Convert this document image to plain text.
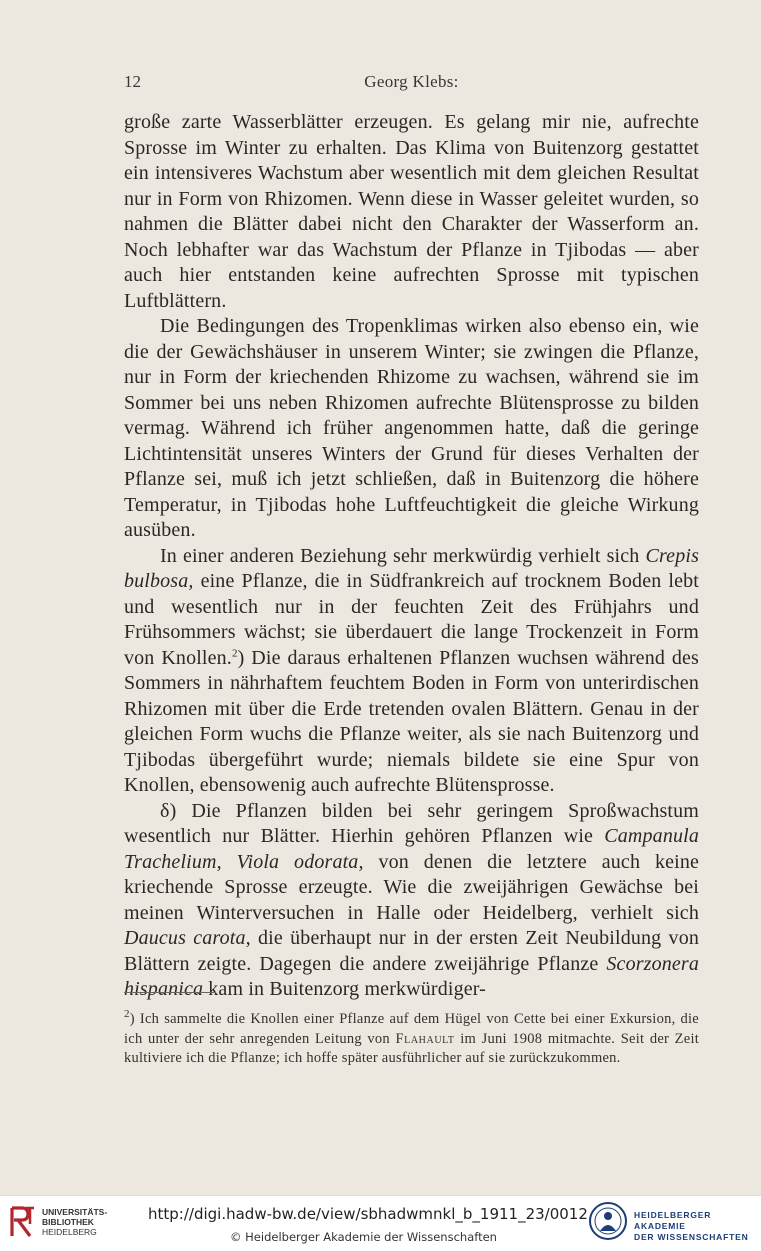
12	Georg Klebs:

große zarte Wasserblätter erzeugen. Es gelang mir nie, aufrechte Sprosse im Winter zu erhalten. Das Klima von Buitenzorg gestattet ein intensiveres Wachstum aber wesentlich mit dem gleichen Resultat nur in Form von Rhizomen. Wenn diese in Wasser geleitet wurden, so nahmen die Blätter dabei nicht den Charakter der Wasserform an. Noch lebhafter war das Wachstum der Pflanze in Tjibodas — aber auch hier entstanden keine aufrechten Sprosse mit typischen Luftblättern.

Die Bedingungen des Tropenklimas wirken also ebenso ein, wie die der Gewächshäuser in unserem Winter; sie zwingen die Pflanze, nur in Form der kriechenden Rhizome zu wachsen, während sie im Sommer bei uns neben Rhizomen aufrechte Blütensprosse zu bilden vermag. Während ich früher angenommen hatte, daß die geringe Lichtintensität unseres Winters der Grund für dieses Verhalten der Pflanze sei, muß ich jetzt schließen, daß in Buitenzorg die höhere Temperatur, in Tjibodas hohe Luftfeuchtigkeit die gleiche Wirkung ausüben.

In einer anderen Beziehung sehr merkwürdig verhielt sich Crepis bulbosa, eine Pflanze, die in Südfrankreich auf trocknem Boden lebt und wesentlich nur in der feuchten Zeit des Frühjahrs und Frühsommers wächst; sie überdauert die lange Trockenzeit in Form von Knollen.$^2$) Die daraus erhaltenen Pflanzen wuchsen während des Sommers in nährhaftem feuchtem Boden in Form von unterirdischen Rhizomen mit über die Erde tretenden ovalen Blättern. Genau in der gleichen Form wuchs die Pflanze weiter, als sie nach Buitenzorg und Tjibodas übergeführt wurde; niemals bildete sie eine Spur von Knollen, ebensowenig auch aufrechte Blütensprosse.

δ) Die Pflanzen bilden bei sehr geringem Sproßwachstum wesentlich nur Blätter. Hierhin gehören Pflanzen wie Campanula Trachelium, Viola odorata, von denen die letztere auch keine kriechende Sprosse erzeugte. Wie die zweijährigen Gewächse bei meinen Winterversuchen in Halle oder Heidelberg, verhielt sich Daucus carota, die überhaupt nur in der ersten Zeit Neubildung von Blättern zeigte. Dagegen die andere zweijährige Pflanze Scorzonera hispanica kam in Buitenzorg merkwürdiger-

$^2$) Ich sammelte die Knollen einer Pflanze auf dem Hügel von Cette bei einer Exkursion, die ich unter der sehr anregenden Leitung von Flahault im Juni 1908 mitmachte. Seit der Zeit kultiviere ich die Pflanze; ich hoffe später ausführlicher auf sie zurückzukommen.
UNIVERSITÄTS-
BIBLIOTHEK
HEIDELBERG
http://digi.hadw-bw.de/view/sbhadwmnkl_b_1911_23/0012
© Heidelberger Akademie der Wissenschaften
HEIDELBERGER AKADEMIE
DER WISSENSCHAFTEN
